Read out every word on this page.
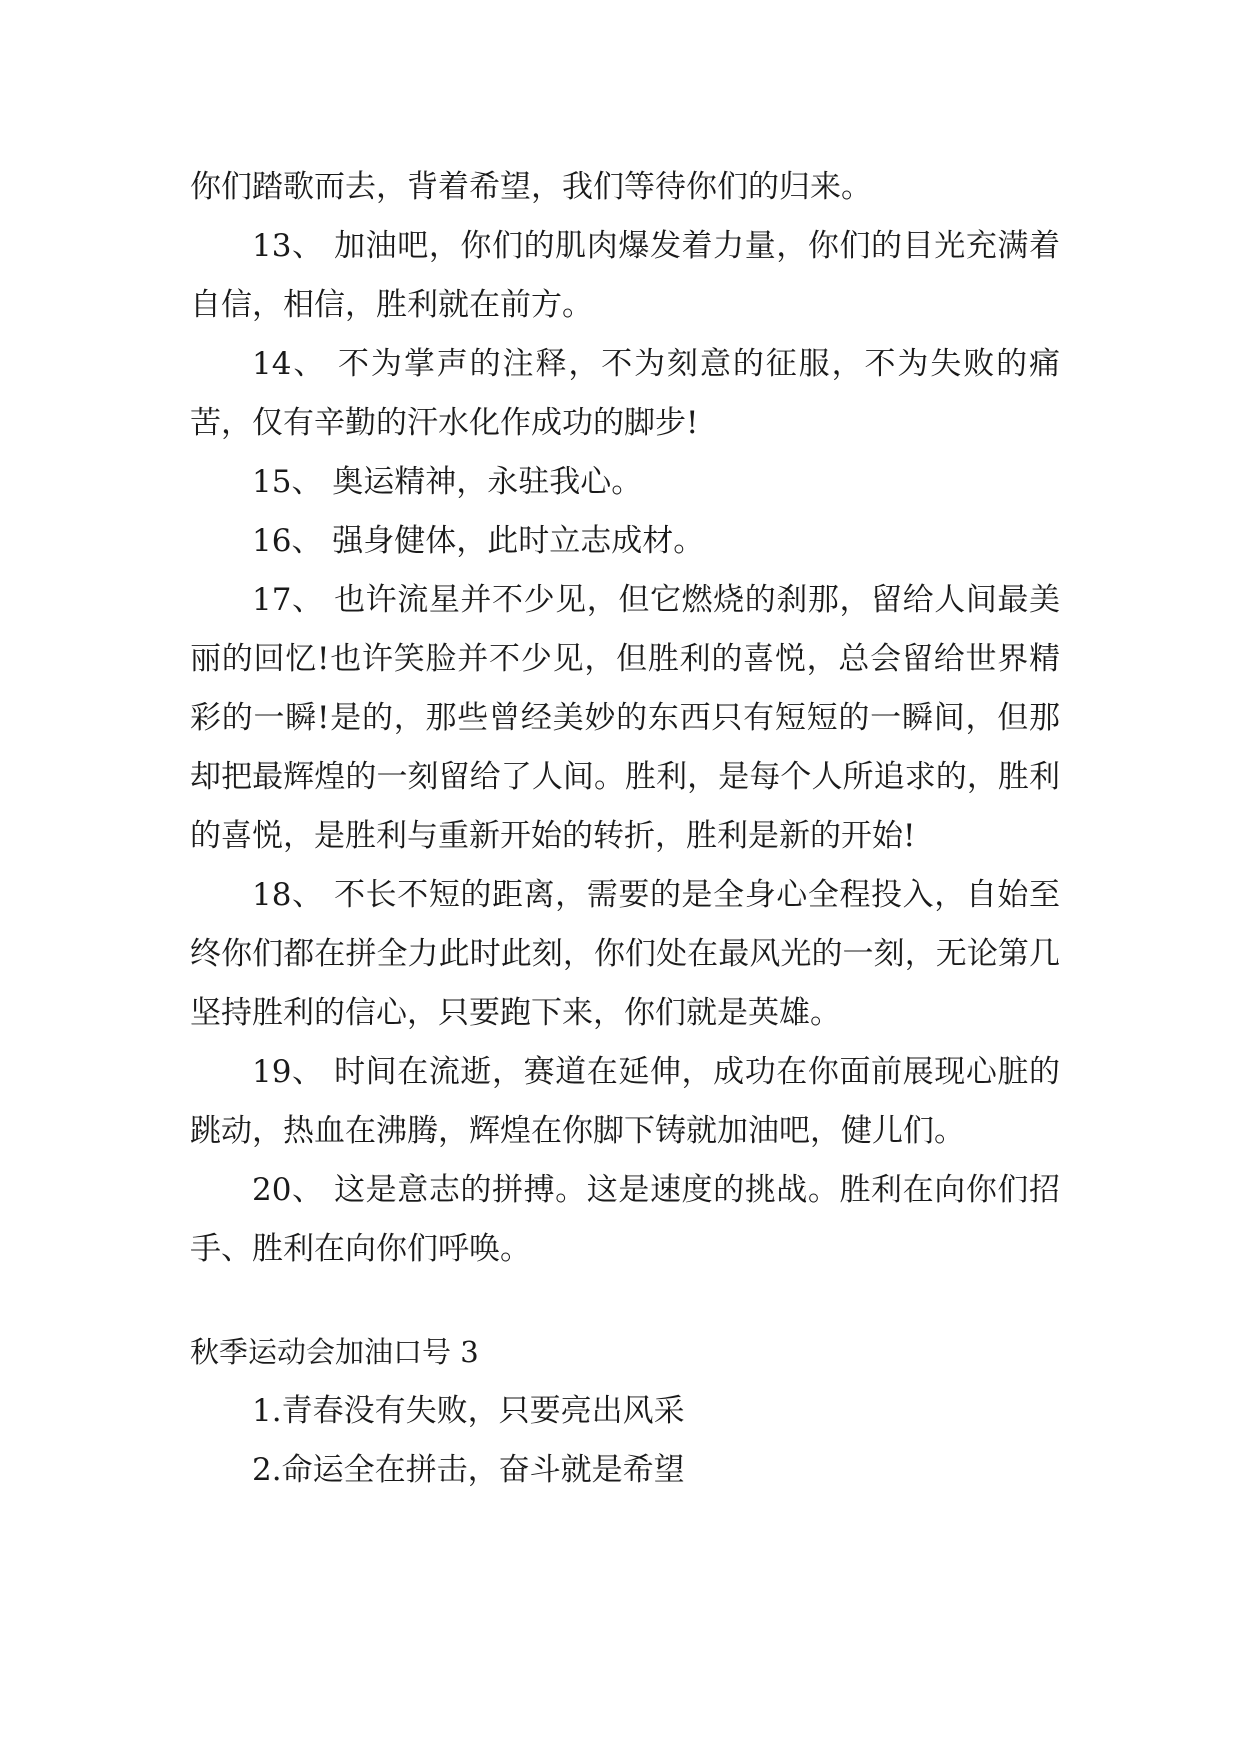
你们踏歌而去，背着希望，我们等待你们的归来。

13、 加油吧，你们的肌肉爆发着力量，你们的目光充满着自信，相信，胜利就在前方。

14、 不为掌声的注释，不为刻意的征服，不为失败的痛苦，仅有辛勤的汗水化作成功的脚步!

15、 奥运精神，永驻我心。

16、 强身健体，此时立志成材。

17、 也许流星并不少见，但它燃烧的刹那，留给人间最美丽的回忆!也许笑脸并不少见，但胜利的喜悦，总会留给世界精彩的一瞬!是的，那些曾经美妙的东西只有短短的一瞬间，但那却把最辉煌的一刻留给了人间。胜利，是每个人所追求的，胜利的喜悦，是胜利与重新开始的转折，胜利是新的开始!

18、 不长不短的距离，需要的是全身心全程投入，自始至终你们都在拼全力此时此刻，你们处在最风光的一刻，无论第几坚持胜利的信心，只要跑下来，你们就是英雄。

19、 时间在流逝，赛道在延伸，成功在你面前展现心脏的跳动，热血在沸腾，辉煌在你脚下铸就加油吧，健儿们。

20、 这是意志的拼搏。这是速度的挑战。胜利在向你们招手、胜利在向你们呼唤。

秋季运动会加油口号 3

1.青春没有失败，只要亮出风采

2.命运全在拼击，奋斗就是希望
